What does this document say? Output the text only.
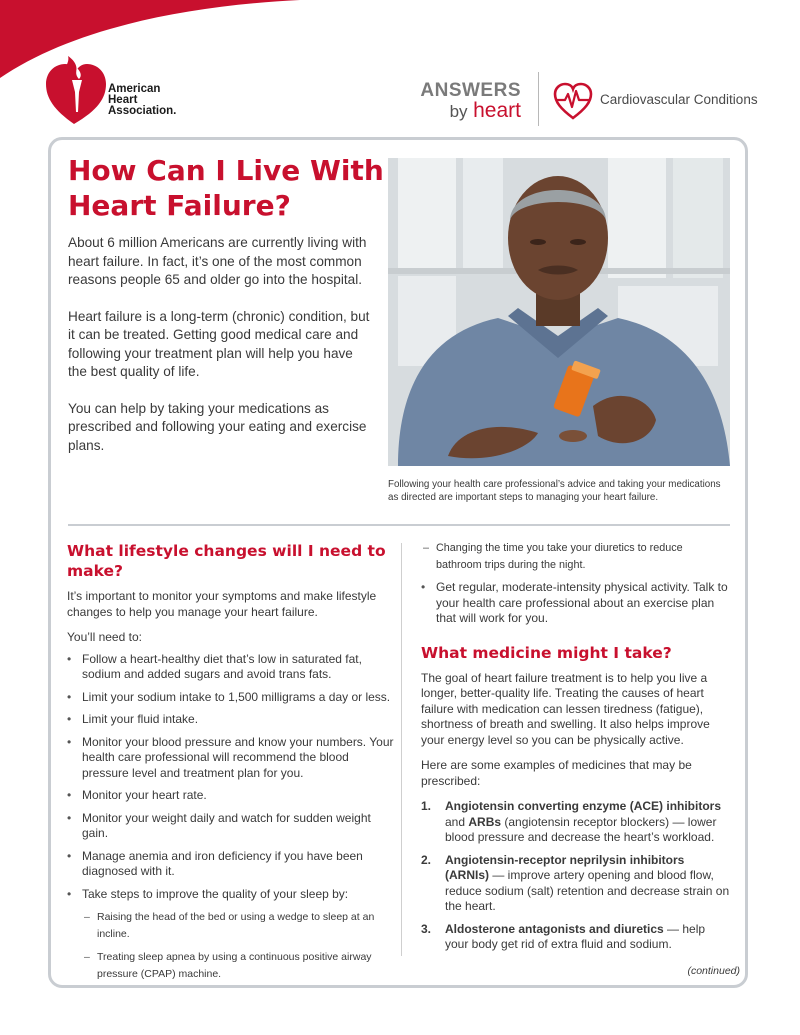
American
Heart
Association.
ANSWERS
by heart	Cardiovascular Conditions
How Can I Live With Heart Failure?

About 6 million Americans are currently living with heart failure. In fact, it’s one of the most common reasons people 65 and older go into the hospital.

Heart failure is a long-term (chronic) condition, but it can be treated. Getting good medical care and following your treatment plan will help you have the best quality of life.

You can help by taking your medications as prescribed and following your eating and exercise plans.

Following your health care professional’s advice and taking your medications as directed are important steps to managing your heart failure.
What lifestyle changes will I need to make?

It’s important to monitor your symptoms and make lifestyle changes to help you manage your heart failure.

You’ll need to:

• Follow a heart-healthy diet that’s low in saturated fat, sodium and added sugars and avoid trans fats.
• Limit your sodium intake to 1,500 milligrams a day or less.
• Limit your fluid intake.
• Monitor your blood pressure and know your numbers. Your health care professional will recommend the blood pressure level and treatment plan for you.
• Monitor your heart rate.
• Monitor your weight daily and watch for sudden weight gain.
• Manage anemia and iron deficiency if you have been diagnosed with it.
• Take steps to improve the quality of your sleep by:
– Raising the head of the bed or using a wedge to sleep at an incline.
– Treating sleep apnea by using a continuous positive airway pressure (CPAP) machine.
– Changing the time you take your diuretics to reduce bathroom trips during the night.
• Get regular, moderate-intensity physical activity. Talk to your health care professional about an exercise plan that will work for you.
What medicine might I take?

The goal of heart failure treatment is to help you live a longer, better-quality life. Treating the causes of heart failure with medication can lessen tiredness (fatigue), shortness of breath and swelling. It also helps improve your energy level so you can be physically active.

Here are some examples of medicines that may be prescribed:

1. Angiotensin converting enzyme (ACE) inhibitors and ARBs (angiotensin receptor blockers) — lower blood pressure and decrease the heart’s workload.
2. Angiotensin-receptor neprilysin inhibitors (ARNIs) — improve artery opening and blood flow, reduce sodium (salt) retention and decrease strain on the heart.
3. Aldosterone antagonists and diuretics — help your body get rid of extra fluid and sodium.
(continued)
